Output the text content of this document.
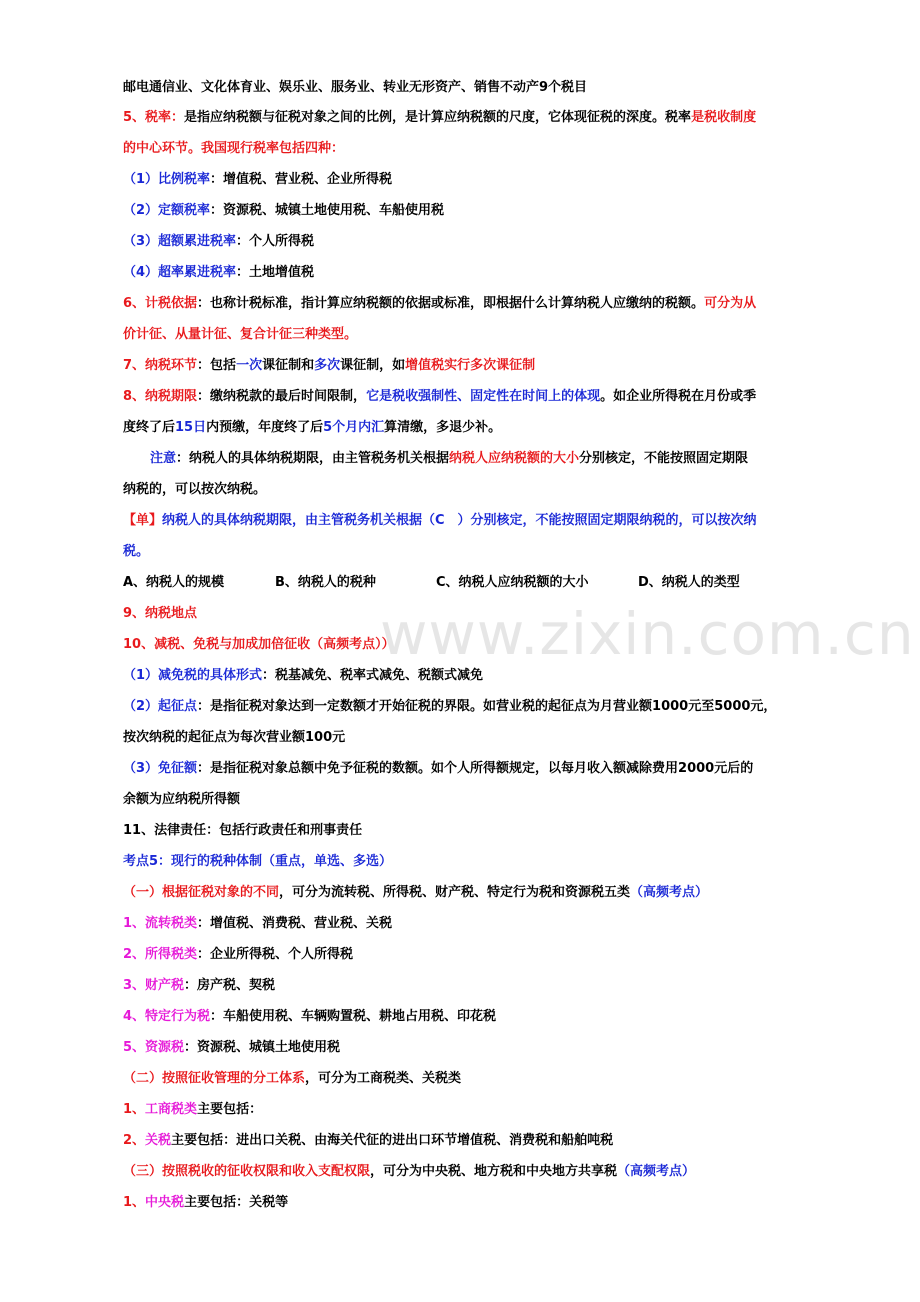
www.zixin.com.cn
邮电通信业、文化体育业、娱乐业、服务业、转业无形资产、销售不动产9个税目
5、税率：是指应纳税额与征税对象之间的比例，是计算应纳税额的尺度，它体现征税的深度。税率是税收制度
的中心环节。我国现行税率包括四种：
（1）比例税率：增值税、营业税、企业所得税
（2）定额税率：资源税、城镇土地使用税、车船使用税
（3）超额累进税率：个人所得税
（4）超率累进税率：土地增值税
6、计税依据：也称计税标准，指计算应纳税额的依据或标准，即根据什么计算纳税人应缴纳的税额。可分为从
价计征、从量计征、复合计征三种类型。
7、纳税环节：包括一次课征制和多次课征制，如增值税实行多次课征制
8、纳税期限：缴纳税款的最后时间限制，它是税收强制性、固定性在时间上的体现。如企业所得税在月份或季
度终了后15日内预缴，年度终了后5个月内汇算清缴，多退少补。
注意：纳税人的具体纳税期限，由主管税务机关根据纳税人应纳税额的大小分别核定，不能按照固定期限
纳税的，可以按次纳税。
【单】纳税人的具体纳税期限，由主管税务机关根据（C　）分别核定，不能按照固定期限纳税的，可以按次纳
税。
A、纳税人的规模	B、纳税人的税种	C、纳税人应纳税额的大小	D、纳税人的类型
9、纳税地点
10、减税、免税与加成加倍征收（高频考点））
（1）减免税的具体形式：税基减免、税率式减免、税额式减免
（2）起征点：是指征税对象达到一定数额才开始征税的界限。如营业税的起征点为月营业额1000元至5000元，
按次纳税的起征点为每次营业额100元
（3）免征额：是指征税对象总额中免予征税的数额。如个人所得额规定，以每月收入额减除费用2000元后的
余额为应纳税所得额
11、法律责任：包括行政责任和刑事责任
考点5：现行的税种体制（重点，单选、多选）
（一）根据征税对象的不同，可分为流转税、所得税、财产税、特定行为税和资源税五类（高频考点）
1、流转税类：增值税、消费税、营业税、关税
2、所得税类：企业所得税、个人所得税
3、财产税：房产税、契税
4、特定行为税：车船使用税、车辆购置税、耕地占用税、印花税
5、资源税：资源税、城镇土地使用税
（二）按照征收管理的分工体系，可分为工商税类、关税类
1、工商税类主要包括：
2、关税主要包括：进出口关税、由海关代征的进出口环节增值税、消费税和船舶吨税
（三）按照税收的征收权限和收入支配权限，可分为中央税、地方税和中央地方共享税（高频考点）
1、中央税主要包括：关税等
